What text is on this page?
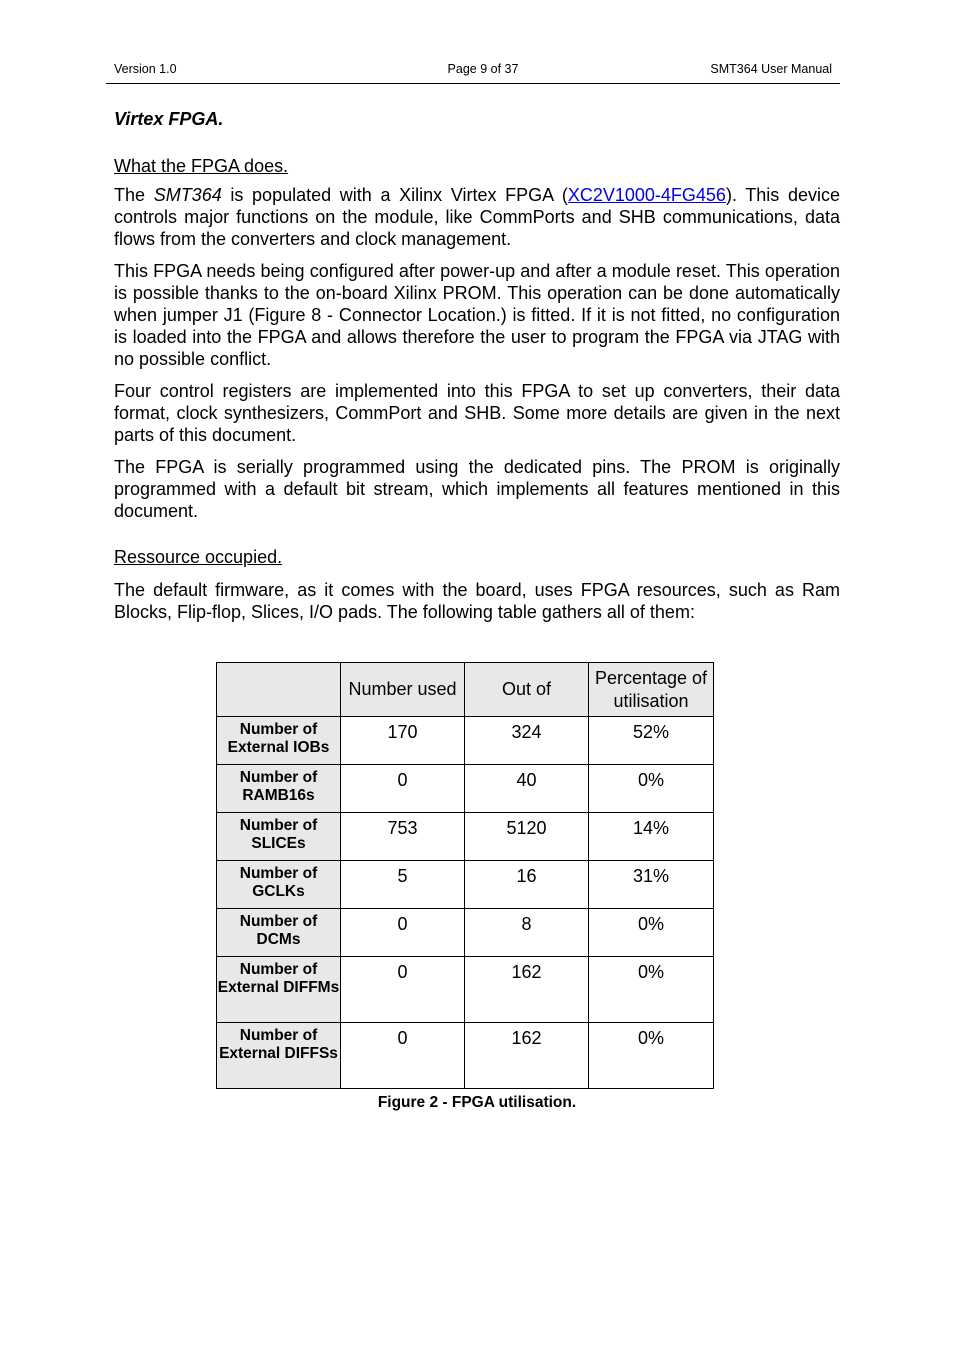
Version 1.0	Page 9 of 37	SMT364 User Manual
Virtex FPGA.
What the FPGA does.

The SMT364 is populated with a Xilinx Virtex FPGA (XC2V1000-4FG456). This device controls major functions on the module, like CommPorts and SHB communications, data flows from the converters and clock management.

This FPGA needs being configured after power-up and after a module reset. This operation is possible thanks to the on-board Xilinx PROM. This operation can be done automatically when jumper J1 (Figure 8 - Connector Location.) is fitted. If it is not fitted, no configuration is loaded into the FPGA and allows therefore the user to program the FPGA via JTAG with no possible conflict.

Four control registers are implemented into this FPGA to set up converters, their data format, clock synthesizers, CommPort and SHB. Some more details are given in the next parts of this document.

The FPGA is serially programmed using the dedicated pins. The PROM is originally programmed with a default bit stream, which implements all features mentioned in this document.

Ressource occupied.

The default firmware, as it comes with the board, uses FPGA resources, such as Ram Blocks, Flip-flop, Slices, I/O pads. The following table gathers all of them:

	Number used	Out of	Percentage of utilisation
Number of External IOBs	170	324	52%
Number of RAMB16s	0	40	0%
Number of SLICEs	753	5120	14%
Number of GCLKs	5	16	31%
Number of DCMs	0	8	0%
Number of External DIFFMs	0	162	0%
Number of External DIFFSs	0	162	0%
Figure 2 - FPGA utilisation.
